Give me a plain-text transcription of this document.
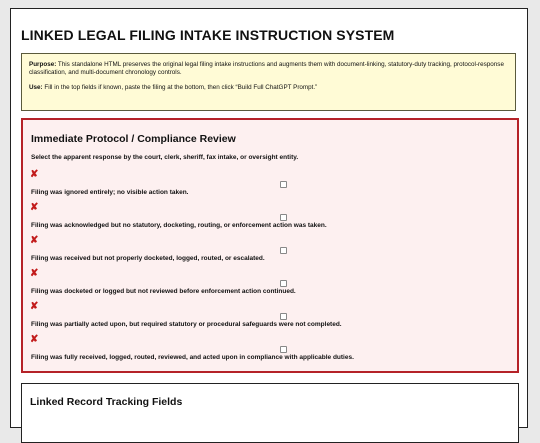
LINKED LEGAL FILING INTAKE INSTRUCTION SYSTEM

Purpose: This standalone HTML preserves the original legal filing intake instructions and augments them with document-linking, statutory-duty tracking, protocol-response classification, and multi-document chronology controls.

Use: Fill in the top fields if known, paste the filing at the bottom, then click “Build Full ChatGPT Prompt.”

Immediate Protocol / Compliance Review
Select the apparent response by the court, clerk, sheriff, fax intake, or oversight entity.
✘
Filing was ignored entirely; no visible action taken.
✘
Filing was acknowledged but no statutory, docketing, routing, or enforcement action was taken.
✘
Filing was received but not properly docketed, logged, routed, or escalated.
✘
Filing was docketed or logged but not reviewed before enforcement action continued.
✘
Filing was partially acted upon, but required statutory or procedural safeguards were not completed.
✘
Filing was fully received, logged, routed, reviewed, and acted upon in compliance with applicable duties.
Linked Record Tracking Fields
